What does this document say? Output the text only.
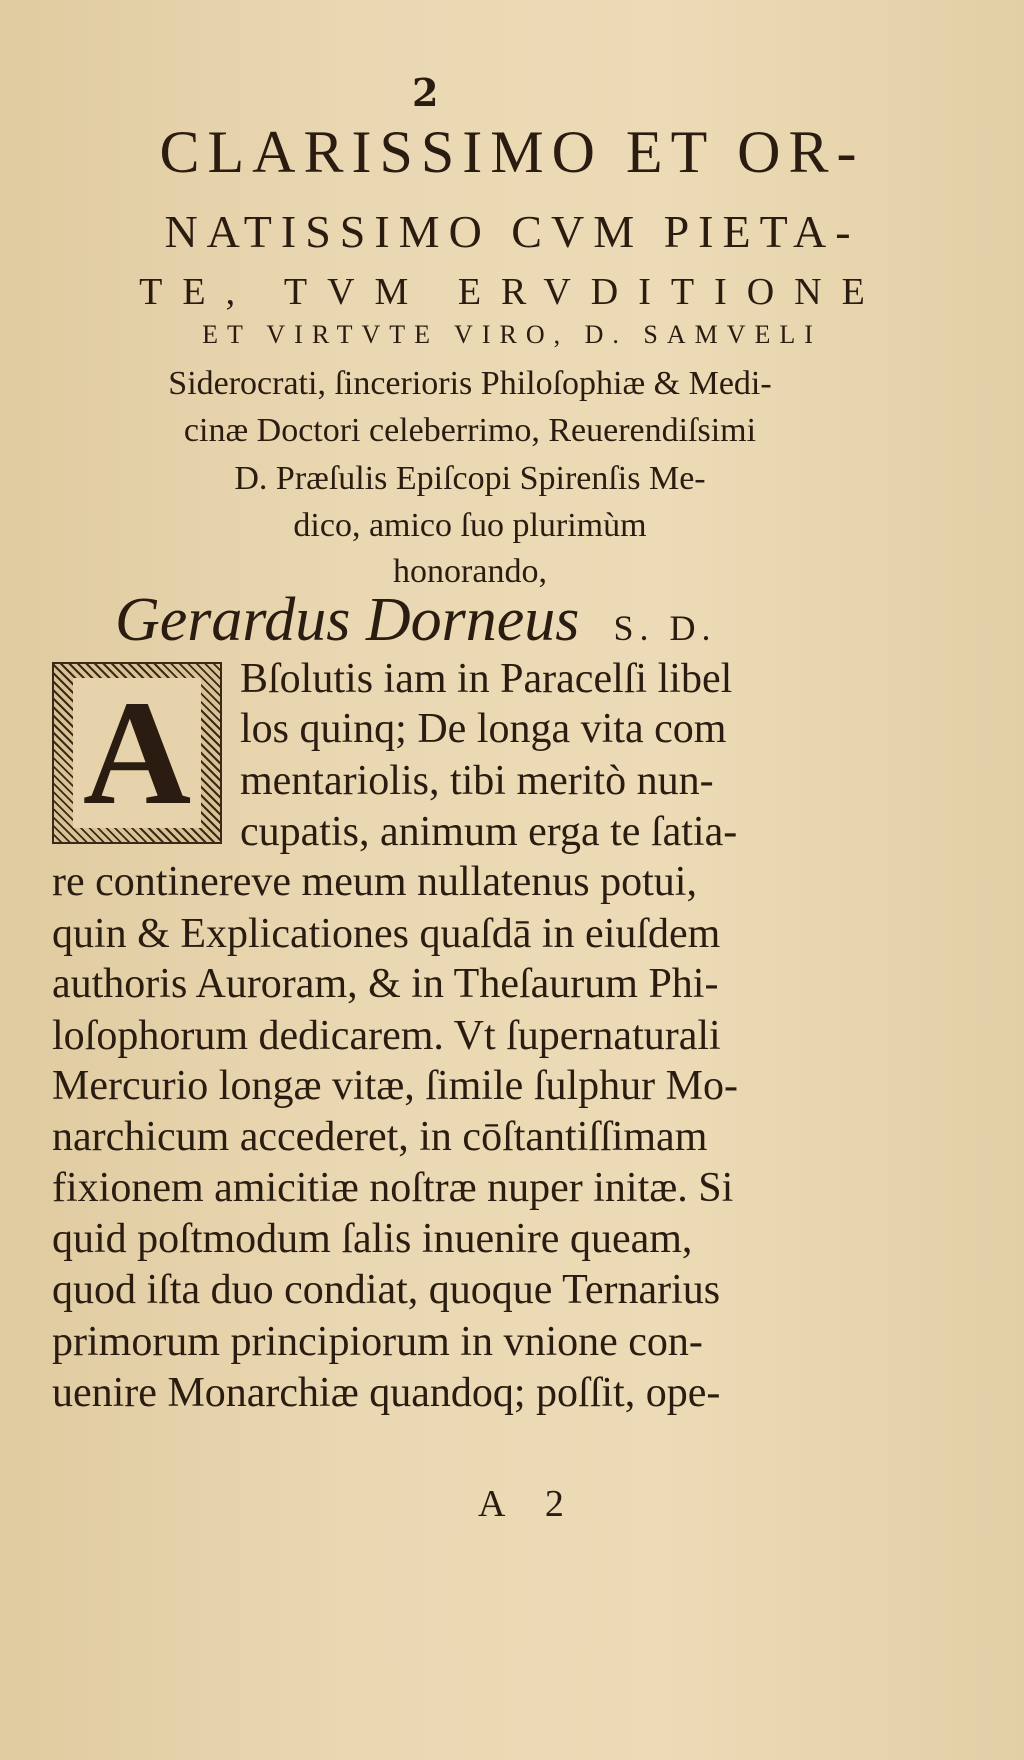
2
CLARISSIMO ET OR-
NATISSIMO CVM PIETA-
TE, TVM ERVDITIONE
ET VIRTVTE VIRO, D. SAMVELI
Siderocrati, ſincerioris Philoſophiæ & Medi-
cinæ Doctori celeberrimo, Reuerendiſsimi
D. Præſulis Epiſcopi Spirenſis Me-
dico, amico ſuo plurimùm
honorando,
Gerardus Dorneus S. D.
A Bſolutis iam in Paracelſi libel
los quinq; De longa vita com
mentariolis, tibi meritò nun-
cupatis, animum erga te ſatia-
re continereve meum nullatenus potui,
quin & Explicationes quaſdā in eiuſdem
authoris Auroram, & in Theſaurum Phi-
loſophorum dedicarem. Vt ſupernaturali
Mercurio longæ vitæ, ſimile ſulphur Mo-
narchicum accederet, in cōſtantiſſimam
fixionem amicitiæ noſtræ nuper initæ. Si
quid poſtmodum ſalis inuenire queam,
quod iſta duo condiat, quoque Ternarius
primorum principiorum in vnione con-
uenire Monarchiæ quandoq; poſſit, ope-
A 2
